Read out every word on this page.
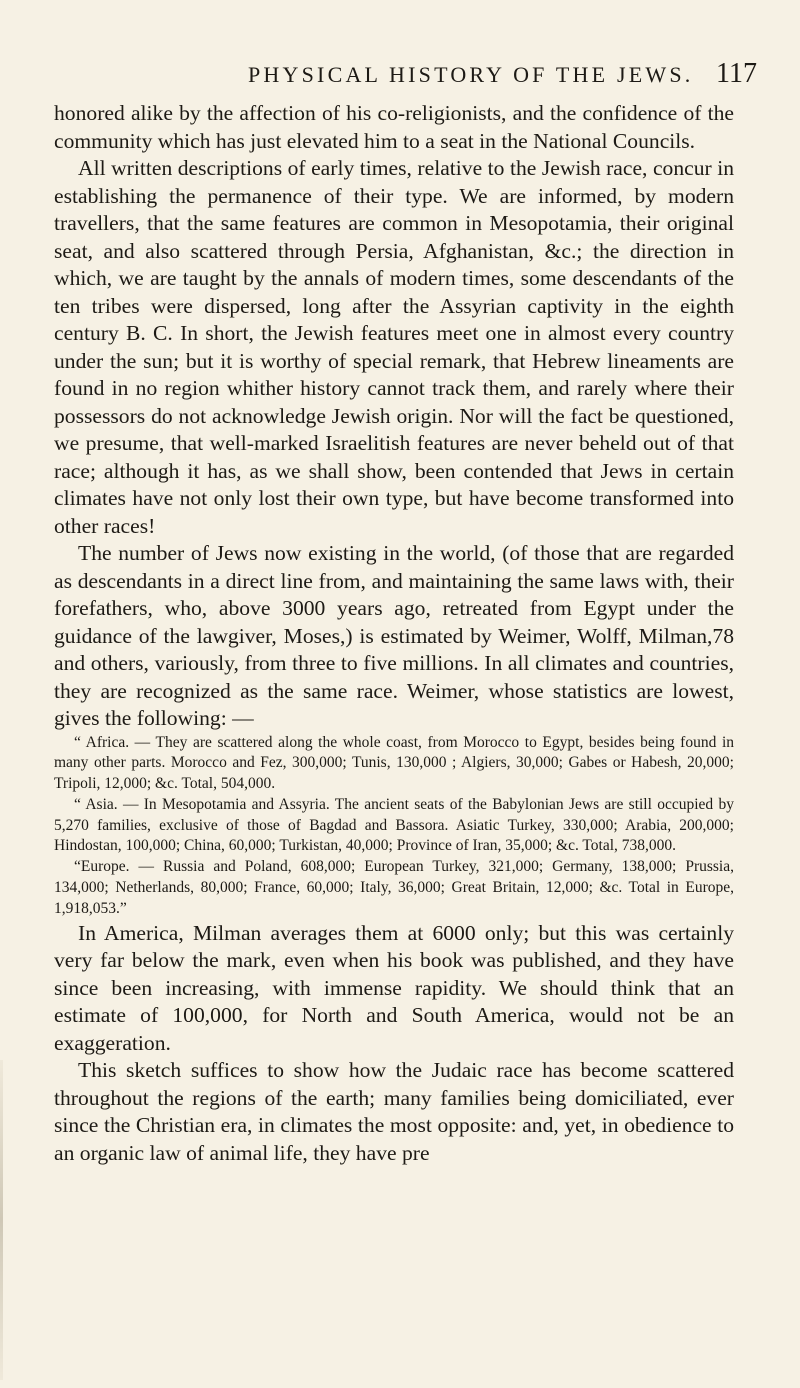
PHYSICAL HISTORY OF THE JEWS. 117

honored alike by the affection of his co-religionists, and the confidence of the community which has just elevated him to a seat in the National Councils.

All written descriptions of early times, relative to the Jewish race, concur in establishing the permanence of their type. We are informed, by modern travellers, that the same features are common in Mesopotamia, their original seat, and also scattered through Persia, Afghanistan, &c.; the direction in which, we are taught by the annals of modern times, some descendants of the ten tribes were dispersed, long after the Assyrian captivity in the eighth century B. C. In short, the Jewish features meet one in almost every country under the sun; but it is worthy of special remark, that Hebrew lineaments are found in no region whither history cannot track them, and rarely where their possessors do not acknowledge Jewish origin. Nor will the fact be questioned, we presume, that well-marked Israelitish features are never beheld out of that race; although it has, as we shall show, been contended that Jews in certain climates have not only lost their own type, but have become transformed into other races!

The number of Jews now existing in the world, (of those that are regarded as descendants in a direct line from, and maintaining the same laws with, their forefathers, who, above 3000 years ago, retreated from Egypt under the guidance of the lawgiver, Moses,) is estimated by Weimer, Wolff, Milman,78 and others, variously, from three to five millions. In all climates and countries, they are recognized as the same race. Weimer, whose statistics are lowest, gives the following: —

“ Africa. — They are scattered along the whole coast, from Morocco to Egypt, besides being found in many other parts. Morocco and Fez, 300,000; Tunis, 130,000 ; Algiers, 30,000; Gabes or Habesh, 20,000; Tripoli, 12,000; &c. Total, 504,000.

“ Asia. — In Mesopotamia and Assyria. The ancient seats of the Babylonian Jews are still occupied by 5,270 families, exclusive of those of Bagdad and Bassora. Asiatic Turkey, 330,000; Arabia, 200,000; Hindostan, 100,000; China, 60,000; Turkistan, 40,000; Province of Iran, 35,000; &c. Total, 738,000.

“Europe. — Russia and Poland, 608,000; European Turkey, 321,000; Germany, 138,000; Prussia, 134,000; Netherlands, 80,000; France, 60,000; Italy, 36,000; Great Britain, 12,000; &c. Total in Europe, 1,918,053.”

In America, Milman averages them at 6000 only; but this was certainly very far below the mark, even when his book was published, and they have since been increasing, with immense rapidity. We should think that an estimate of 100,000, for North and South America, would not be an exaggeration.

This sketch suffices to show how the Judaic race has become scattered throughout the regions of the earth; many families being domiciliated, ever since the Christian era, in climates the most opposite: and, yet, in obedience to an organic law of animal life, they have pre
